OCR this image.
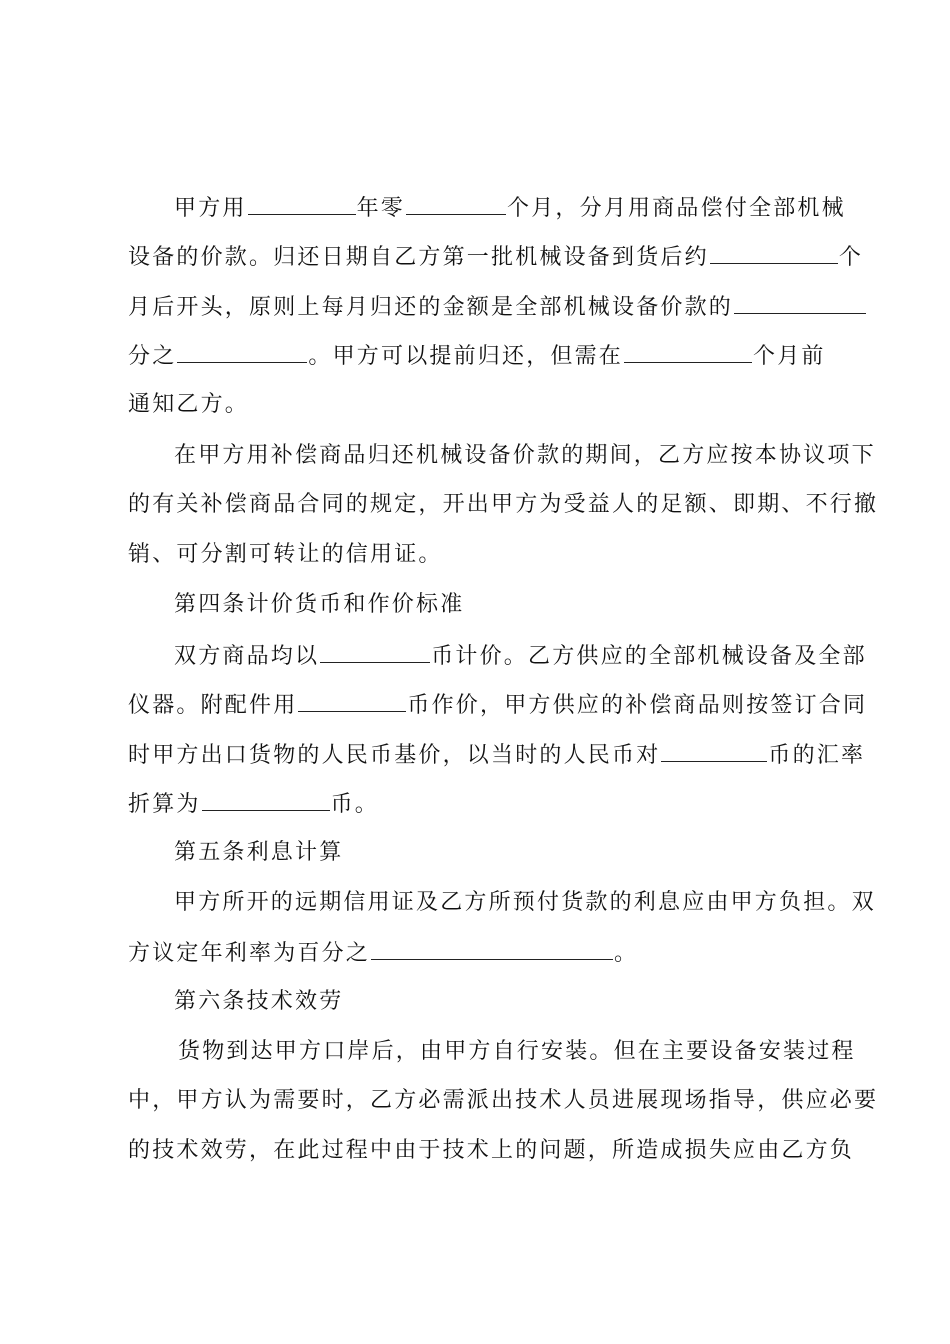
甲方用	年零	个月，分月用商品偿付全部机械
设备的价款。归还日期自乙方第一批机械设备到货后约	个
月后开头，原则上每月归还的金额是全部机械设备价款的
分之	。甲方可以提前归还，但需在	个月前
通知乙方。
在甲方用补偿商品归还机械设备价款的期间，乙方应按本协议项下
的有关补偿商品合同的规定，开出甲方为受益人的足额、即期、不行撤
销、可分割可转让的信用证。
第四条计价货币和作价标准
双方商品均以	币计价。乙方供应的全部机械设备及全部
仪器。附配件用	币作价，甲方供应的补偿商品则按签订合同
时甲方出口货物的人民币基价，以当时的人民币对	币的汇率
折算为	币。
第五条利息计算
甲方所开的远期信用证及乙方所预付货款的利息应由甲方负担。双
方议定年利率为百分之	。
第六条技术效劳
货物到达甲方口岸后，由甲方自行安装。但在主要设备安装过程
中，甲方认为需要时，乙方必需派出技术人员进展现场指导，供应必要
的技术效劳，在此过程中由于技术上的问题，所造成损失应由乙方负
